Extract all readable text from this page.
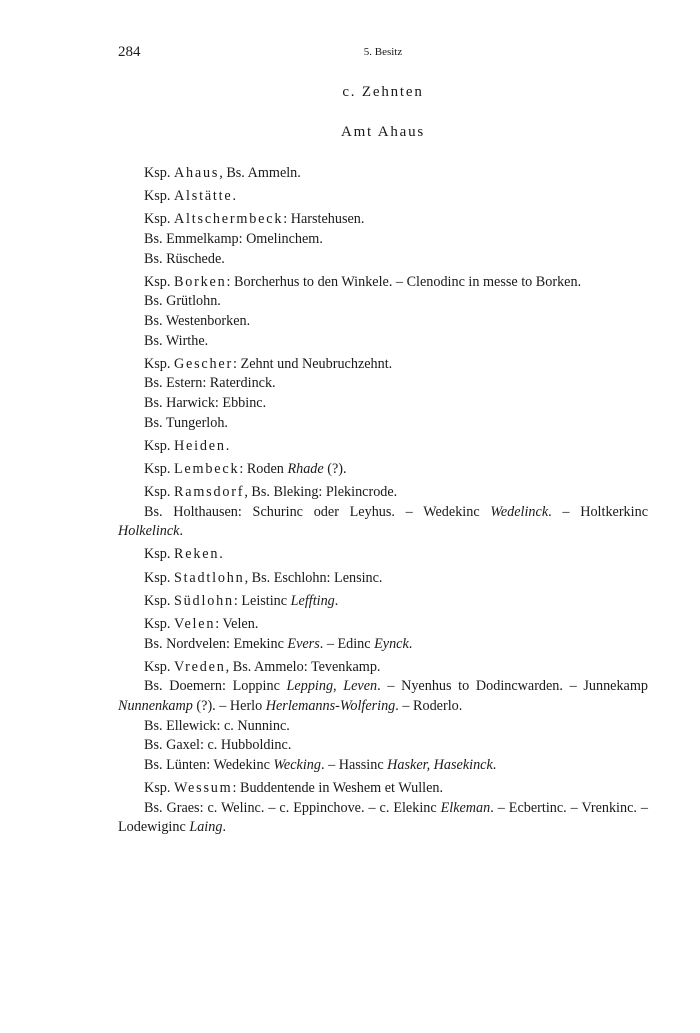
284	5. Besitz
c. Zehnten
Amt Ahaus

Ksp. Ahaus, Bs. Ammeln.

Ksp. Alstätte.

Ksp. Altschermbeck: Harstehusen.

Bs. Emmelkamp: Omelinchem.

Bs. Rüschede.

Ksp. Borken: Borcherhus to den Winkele. – Clenodinc in messe to Borken.

Bs. Grütlohn.

Bs. Westenborken.

Bs. Wirthe.

Ksp. Gescher: Zehnt und Neubruchzehnt.

Bs. Estern: Raterdinck.

Bs. Harwick: Ebbinc.

Bs. Tungerloh.

Ksp. Heiden.

Ksp. Lembeck: Roden Rhade (?).

Ksp. Ramsdorf, Bs. Bleking: Plekincrode.

Bs. Holthausen: Schurinc oder Leyhus. – Wedekinc Wedelinck. – Holtkerkinc Holkelinck.

Ksp. Reken.

Ksp. Stadtlohn, Bs. Eschlohn: Lensinc.

Ksp. Südlohn: Leistinc Leffting.

Ksp. Velen: Velen.

Bs. Nordvelen: Emekinc Evers. – Edinc Eynck.

Ksp. Vreden, Bs. Ammelo: Tevenkamp.

Bs. Doemern: Loppinc Lepping, Leven. – Nyenhus to Dodincwarden. – Junnekamp Nunnenkamp (?). – Herlo Herlemanns-Wolfering. – Roderlo.

Bs. Ellewick: c. Nunninc.

Bs. Gaxel: c. Hubboldinc.

Bs. Lünten: Wedekinc Wecking. – Hassinc Hasker, Hasekinck.

Ksp. Wessum: Buddentende in Weshem et Wullen.

Bs. Graes: c. Welinc. – c. Eppinchove. – c. Elekinc Elkeman. – Ecbertinc. – Vrenkinc. – Lodewiginc Laing.
